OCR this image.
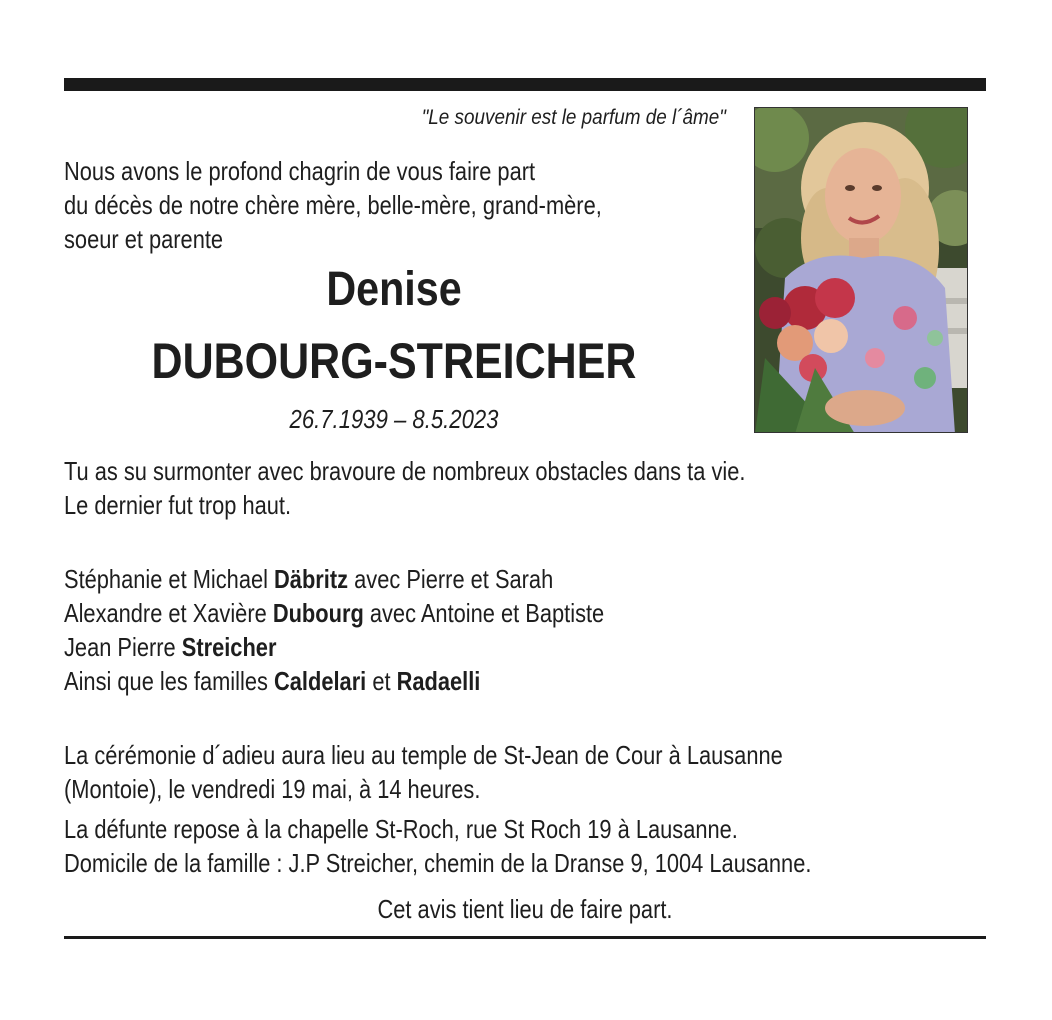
"Le souvenir est le parfum de l´âme"
Nous avons le profond chagrin de vous faire part
du décès de notre chère mère, belle-mère, grand-mère,
soeur et parente
Denise
DUBOURG-STREICHER
26.7.1939 – 8.5.2023
Tu as su surmonter avec bravoure de nombreux obstacles dans ta vie.
Le dernier fut trop haut.
Stéphanie et Michael Däbritz avec Pierre et Sarah
Alexandre et Xavière Dubourg avec Antoine et Baptiste
Jean Pierre Streicher
Ainsi que les familles Caldelari et Radaelli
La cérémonie d´adieu aura lieu au temple de St-Jean de Cour à Lausanne
(Montoie), le vendredi 19 mai, à 14 heures.
La défunte repose à la chapelle St-Roch, rue St Roch 19 à Lausanne.
Domicile de la famille : J.P Streicher, chemin de la Dranse 9, 1004 Lausanne.
Cet avis tient lieu de faire part.
